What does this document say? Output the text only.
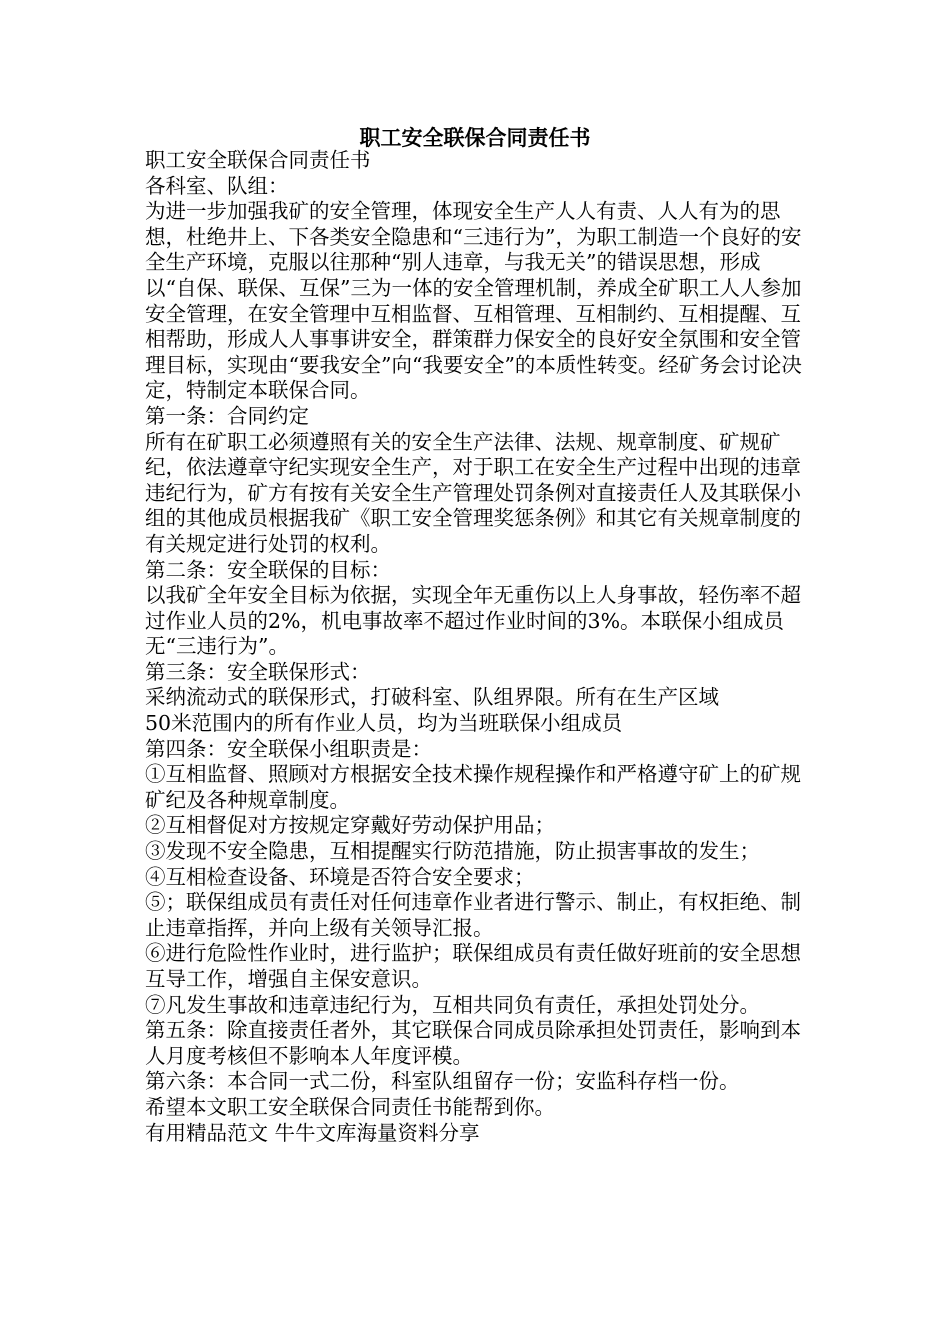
职工安全联保合同责任书

职工安全联保合同责任书

各科室、队组：

为进一步加强我矿的安全管理，体现安全生产人人有责、人人有为的思想，杜绝井上、下各类安全隐患和“三违行为”，为职工制造一个良好的安全生产环境，克服以往那种“别人违章，与我无关”的错误思想，形成以“自保、联保、互保”三为一体的安全管理机制，养成全矿职工人人参加安全管理，在安全管理中互相监督、互相管理、互相制约、互相提醒、互相帮助，形成人人事事讲安全，群策群力保安全的良好安全氛围和安全管理目标，实现由“要我安全”向“我要安全”的本质性转变。经矿务会讨论决定，特制定本联保合同。

第一条：合同约定

所有在矿职工必须遵照有关的安全生产法律、法规、规章制度、矿规矿纪，依法遵章守纪实现安全生产，对于职工在安全生产过程中出现的违章违纪行为，矿方有按有关安全生产管理处罚条例对直接责任人及其联保小组的其他成员根据我矿《职工安全管理奖惩条例》和其它有关规章制度的有关规定进行处罚的权利。

第二条：安全联保的目标：

以我矿全年安全目标为依据，实现全年无重伤以上人身事故，轻伤率不超过作业人员的2%，机电事故率不超过作业时间的3%。本联保小组成员无“三违行为”。

第三条：安全联保形式：

采纳流动式的联保形式，打破科室、队组界限。所有在生产区域

50米范围内的所有作业人员，均为当班联保小组成员

第四条：安全联保小组职责是：

①互相监督、照顾对方根据安全技术操作规程操作和严格遵守矿上的矿规矿纪及各种规章制度。

②互相督促对方按规定穿戴好劳动保护用品；

③发现不安全隐患，互相提醒实行防范措施，防止损害事故的发生；

④互相检查设备、环境是否符合安全要求；

⑤；联保组成员有责任对任何违章作业者进行警示、制止，有权拒绝、制止违章指挥，并向上级有关领导汇报。

⑥进行危险性作业时，进行监护；联保组成员有责任做好班前的安全思想互导工作，增强自主保安意识。

⑦凡发生事故和违章违纪行为，互相共同负有责任，承担处罚处分。

第五条：除直接责任者外，其它联保合同成员除承担处罚责任，影响到本人月度考核但不影响本人年度评模。

第六条：本合同一式二份，科室队组留存一份；安监科存档一份。

希望本文职工安全联保合同责任书能帮到你。

有用精品范文 牛牛文库海量资料分享
